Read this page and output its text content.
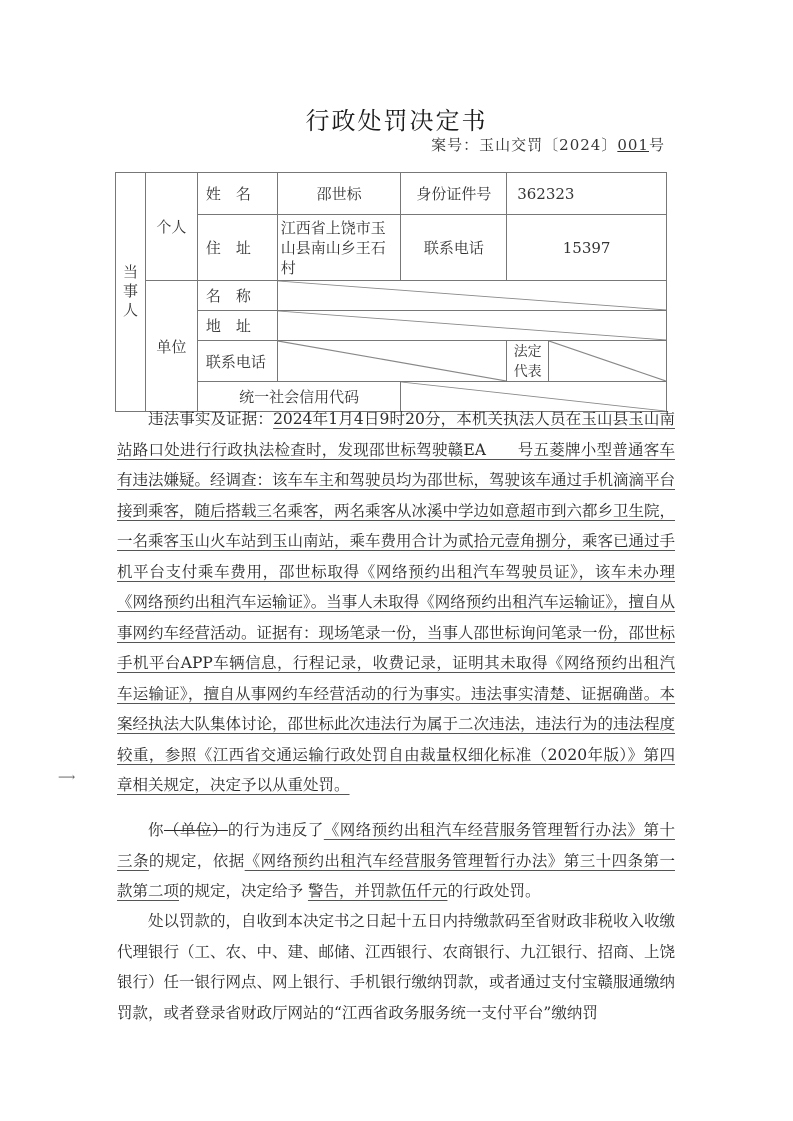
行政处罚决定书
案号：玉山交罚〔2024〕001号
当事人	个人	姓　名	邵世标	身份证件号	362323	

住　址	江西省上饶市玉山县南山乡王石村	联系电话	15397	
	单位	名　称

地　址

		联系电话			法定代表	

		统一社会信用代码	

违法事实及证据：2024年1月4日9时20分，本机关执法人员在玉山县玉山南站路口处进行行政执法检查时，发现邵世标驾驶赣EA　　号五菱牌小型普通客车有违法嫌疑。经调查：该车车主和驾驶员均为邵世标，驾驶该车通过手机滴滴平台接到乘客，随后搭载三名乘客，两名乘客从冰溪中学边如意超市到六都乡卫生院，一名乘客玉山火车站到玉山南站，乘车费用合计为贰拾元壹角捌分，乘客已通过手机平台支付乘车费用，邵世标取得《网络预约出租汽车驾驶员证》，该车未办理《网络预约出租汽车运输证》。当事人未取得《网络预约出租汽车运输证》，擅自从事网约车经营活动。证据有：现场笔录一份，当事人邵世标询问笔录一份，邵世标手机平台APP车辆信息，行程记录，收费记录，证明其未取得《网络预约出租汽车运输证》，擅自从事网约车经营活动的行为事实。违法事实清楚、证据确凿。本案经执法大队集体讨论，邵世标此次违法行为属于二次违法，违法行为的违法程度较重，参照《江西省交通运输行政处罚自由裁量权细化标准（2020年版）》第四章相关规定，决定予以从重处罚。

你（单位）的行为违反了《网络预约出租汽车经营服务管理暂行办法》第十三条的规定，依据《网络预约出租汽车经营服务管理暂行办法》第三十四条第一款第二项的规定，决定给予 警告，并罚款伍仟元的行政处罚。

处以罚款的，自收到本决定书之日起十五日内持缴款码至省财政非税收入收缴代理银行（工、农、中、建、邮储、江西银行、农商银行、九江银行、招商、上饶银行）任一银行网点、网上银行、手机银行缴纳罚款，或者通过支付宝赣服通缴纳罚款，或者登录省财政厅网站的“江西省政务服务统一支付平台”缴纳罚

⟶
